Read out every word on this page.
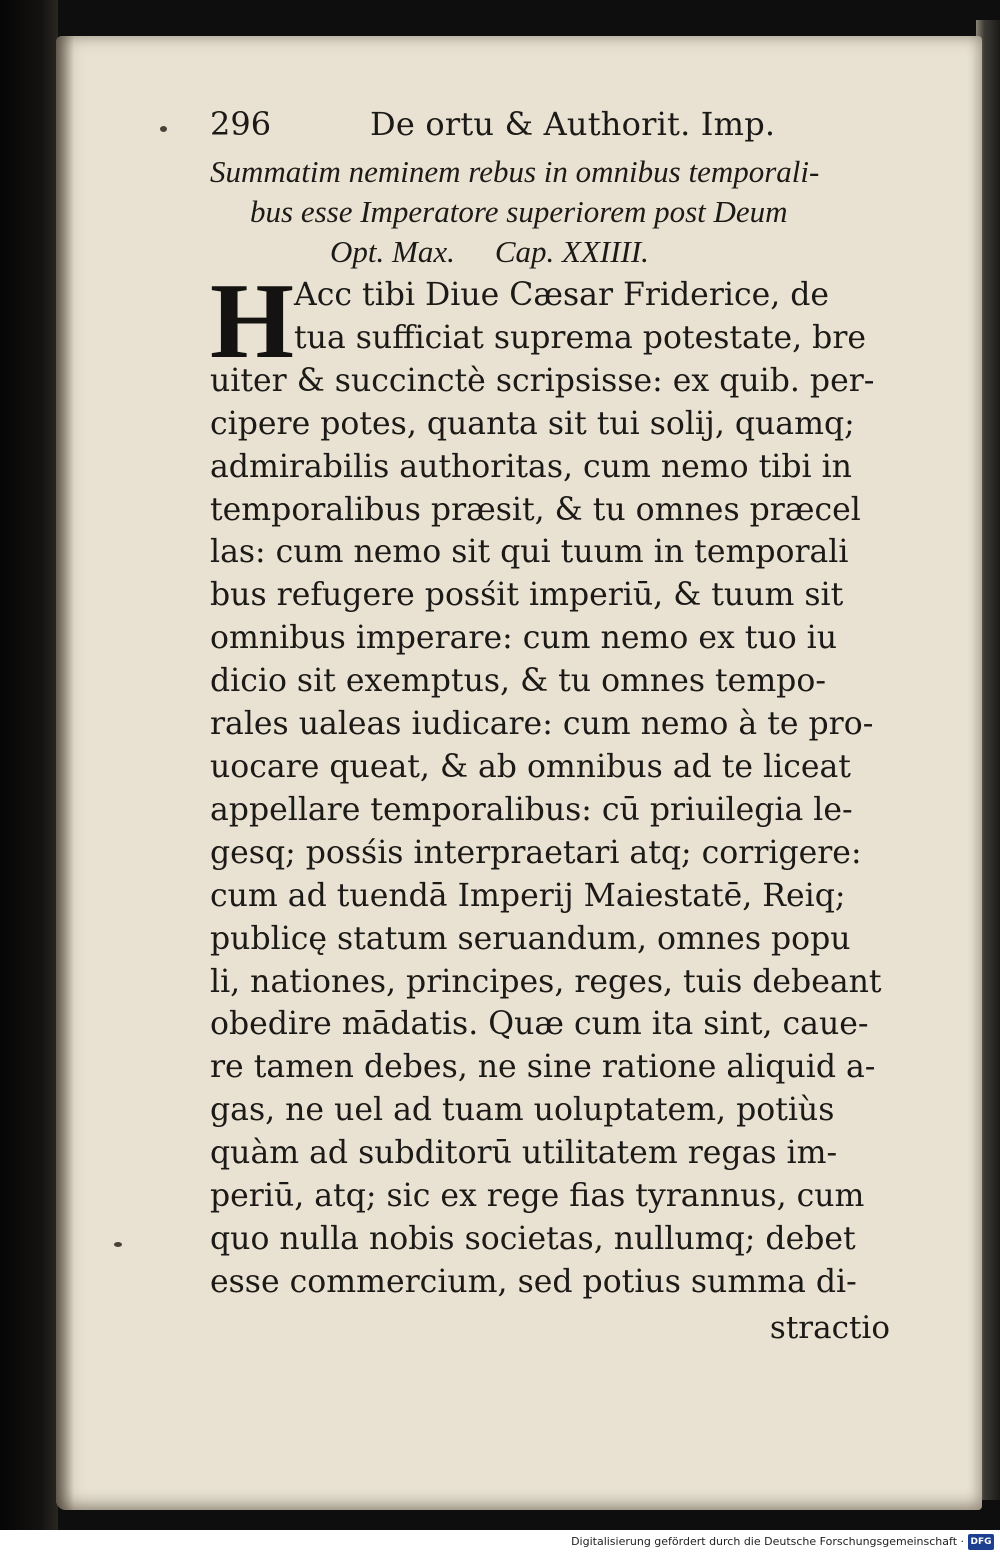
296	De ortu & Authorit. Imp.
Summatim neminem rebus in omnibus temporali-
bus esse Imperatore superiorem post Deum
Opt. Max. Cap. XXIIII.
H Acc tibi Diue Cæsar Friderice, de
tua sufficiat suprema potestate, bre
uiter & succinctè scripsisse: ex quib. per-
cipere potes, quanta sit tui solij, quamq;
admirabilis authoritas, cum nemo tibi in
temporalibus præsit, & tu omnes præcel
las: cum nemo sit qui tuum in temporali
bus refugere posśit imperiū, & tuum sit
omnibus imperare: cum nemo ex tuo iu
dicio sit exemptus, & tu omnes tempo-
rales ualeas iudicare: cum nemo à te pro-
uocare queat, & ab omnibus ad te liceat
appellare temporalibus: cū priuilegia le-
gesq; posśis interpraetari atq; corrigere:
cum ad tuendā Imperij Maiestatē, Reiq;
publicę statum seruandum, omnes popu
li, nationes, principes, reges, tuis debeant
obedire mādatis. Quæ cum ita sint, caue-
re tamen debes, ne sine ratione aliquid a-
gas, ne uel ad tuam uoluptatem, potiùs
quàm ad subditorū utilitatem regas im-
periū, atq; sic ex rege fias tyrannus, cum
quo nulla nobis societas, nullumq; debet
esse commercium, sed potius summa di-
stractio
Digitalisierung gefördert durch die Deutsche Forschungsgemeinschaft · DFG
